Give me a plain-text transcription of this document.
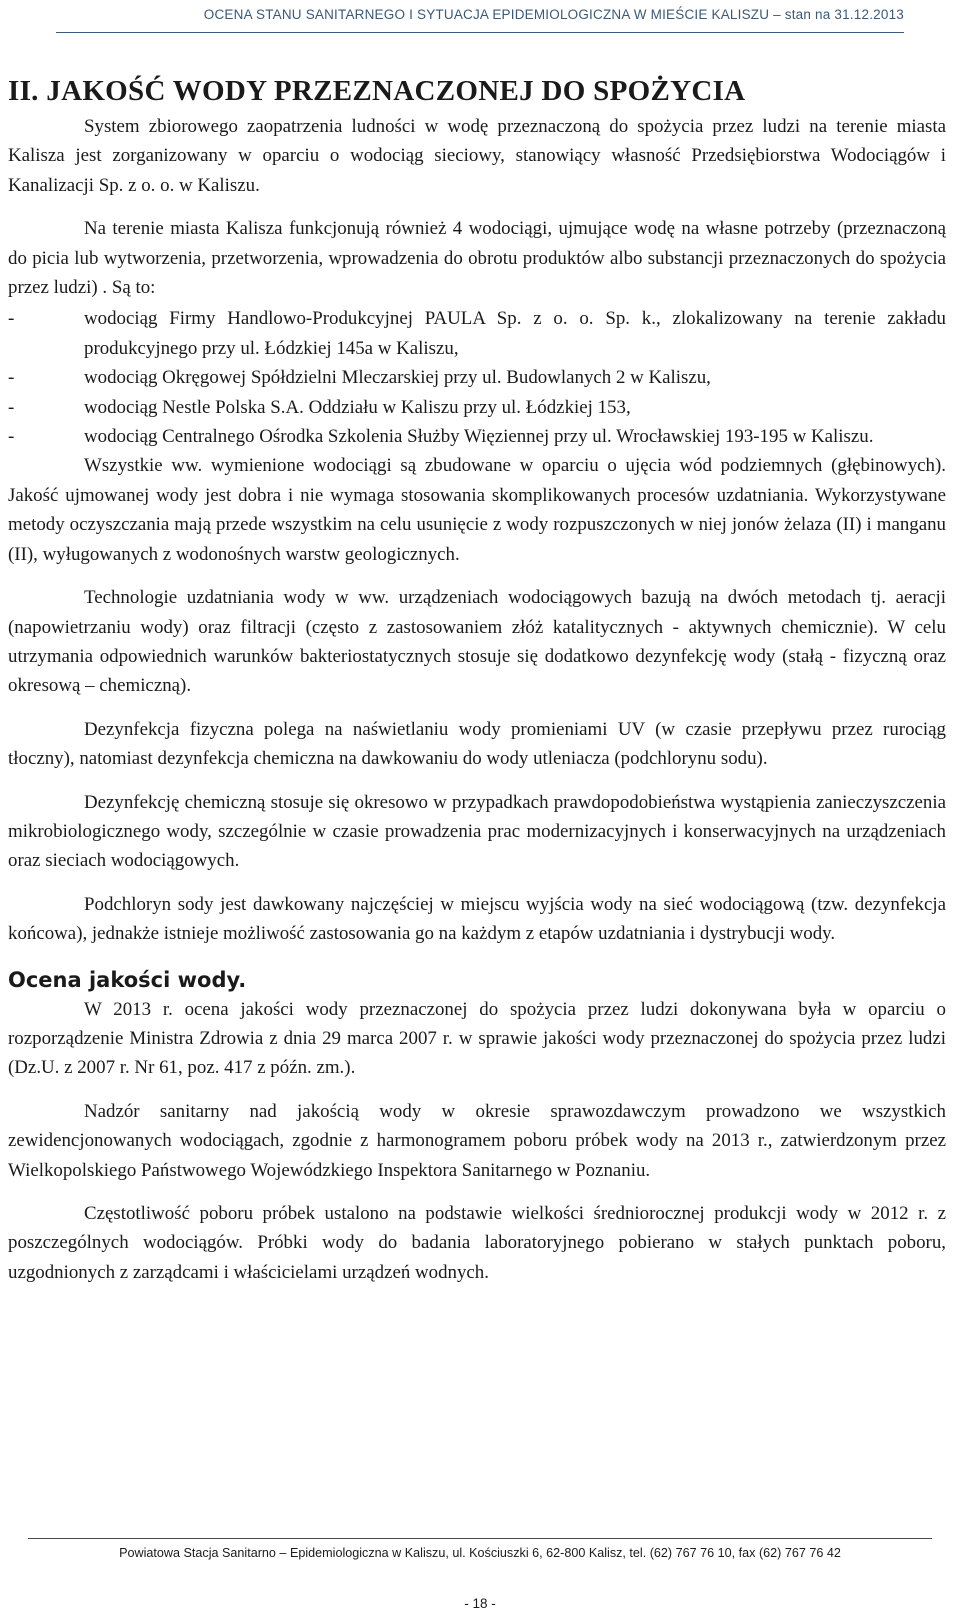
OCENA STANU SANITARNEGO I SYTUACJA EPIDEMIOLOGICZNA W MIEŚCIE KALISZU – stan na 31.12.2013
II. JAKOŚĆ WODY PRZEZNACZONEJ DO SPOŻYCIA

System zbiorowego zaopatrzenia ludności w wodę przeznaczoną do spożycia przez ludzi na terenie miasta Kalisza jest zorganizowany w oparciu o wodociąg sieciowy, stanowiący własność Przedsiębiorstwa Wodociągów i Kanalizacji Sp. z o. o. w Kaliszu.

Na terenie miasta Kalisza funkcjonują również 4 wodociągi, ujmujące wodę na własne potrzeby (przeznaczoną do picia lub wytworzenia, przetworzenia, wprowadzenia do obrotu produktów albo substancji przeznaczonych do spożycia przez ludzi) . Są to:

-	wodociąg Firmy Handlowo-Produkcyjnej PAULA Sp. z o. o. Sp. k., zlokalizowany na terenie zakładu produkcyjnego przy ul. Łódzkiej 145a w Kaliszu,
-	wodociąg Okręgowej Spółdzielni Mleczarskiej przy ul. Budowlanych 2 w Kaliszu,
-	wodociąg Nestle Polska S.A. Oddziału w Kaliszu przy ul. Łódzkiej 153,
-	wodociąg Centralnego Ośrodka Szkolenia Służby Więziennej przy ul. Wrocławskiej 193-195 w Kaliszu.

Wszystkie ww. wymienione wodociągi są zbudowane w oparciu o ujęcia wód podziemnych (głębinowych). Jakość ujmowanej wody jest dobra i nie wymaga stosowania skomplikowanych procesów uzdatniania. Wykorzystywane metody oczyszczania mają przede wszystkim na celu usunięcie z wody rozpuszczonych w niej jonów żelaza (II) i manganu (II), wyługowanych z wodonośnych warstw geologicznych.

Technologie uzdatniania wody w ww. urządzeniach wodociągowych bazują na dwóch metodach tj. aeracji (napowietrzaniu wody) oraz filtracji (często z zastosowaniem złóż katalitycznych - aktywnych chemicznie). W celu utrzymania odpowiednich warunków bakteriostatycznych stosuje się dodatkowo dezynfekcję wody (stałą - fizyczną oraz okresową – chemiczną).

Dezynfekcja fizyczna polega na naświetlaniu wody promieniami UV (w czasie przepływu przez rurociąg tłoczny), natomiast dezynfekcja chemiczna na dawkowaniu do wody utleniacza (podchlorynu sodu).

Dezynfekcję chemiczną stosuje się okresowo w przypadkach prawdopodobieństwa wystąpienia zanieczyszczenia mikrobiologicznego wody, szczególnie w czasie prowadzenia prac modernizacyjnych i konserwacyjnych na urządzeniach oraz sieciach wodociągowych.

Podchloryn sody jest dawkowany najczęściej w miejscu wyjścia wody na sieć wodociągową (tzw. dezynfekcja końcowa), jednakże istnieje możliwość zastosowania go na każdym z etapów uzdatniania i dystrybucji wody.

Ocena jakości wody.

W 2013 r. ocena jakości wody przeznaczonej do spożycia przez ludzi dokonywana była w oparciu o rozporządzenie Ministra Zdrowia z dnia 29 marca 2007 r. w sprawie jakości wody przeznaczonej do spożycia przez ludzi (Dz.U. z 2007 r. Nr 61, poz. 417 z późn. zm.).

Nadzór sanitarny nad jakością wody w okresie sprawozdawczym prowadzono we wszystkich zewidencjonowanych wodociągach, zgodnie z harmonogramem poboru próbek wody na 2013 r., zatwierdzonym przez Wielkopolskiego Państwowego Wojewódzkiego Inspektora Sanitarnego w Poznaniu.

Częstotliwość poboru próbek ustalono na podstawie wielkości średniorocznej produkcji wody w 2012 r. z poszczególnych wodociągów. Próbki wody do badania laboratoryjnego pobierano w stałych punktach poboru, uzgodnionych z zarządcami i właścicielami urządzeń wodnych.

Powiatowa Stacja Sanitarno – Epidemiologiczna w Kaliszu, ul. Kościuszki 6, 62-800 Kalisz, tel. (62) 767 76 10, fax (62) 767 76 42
- 18 -
